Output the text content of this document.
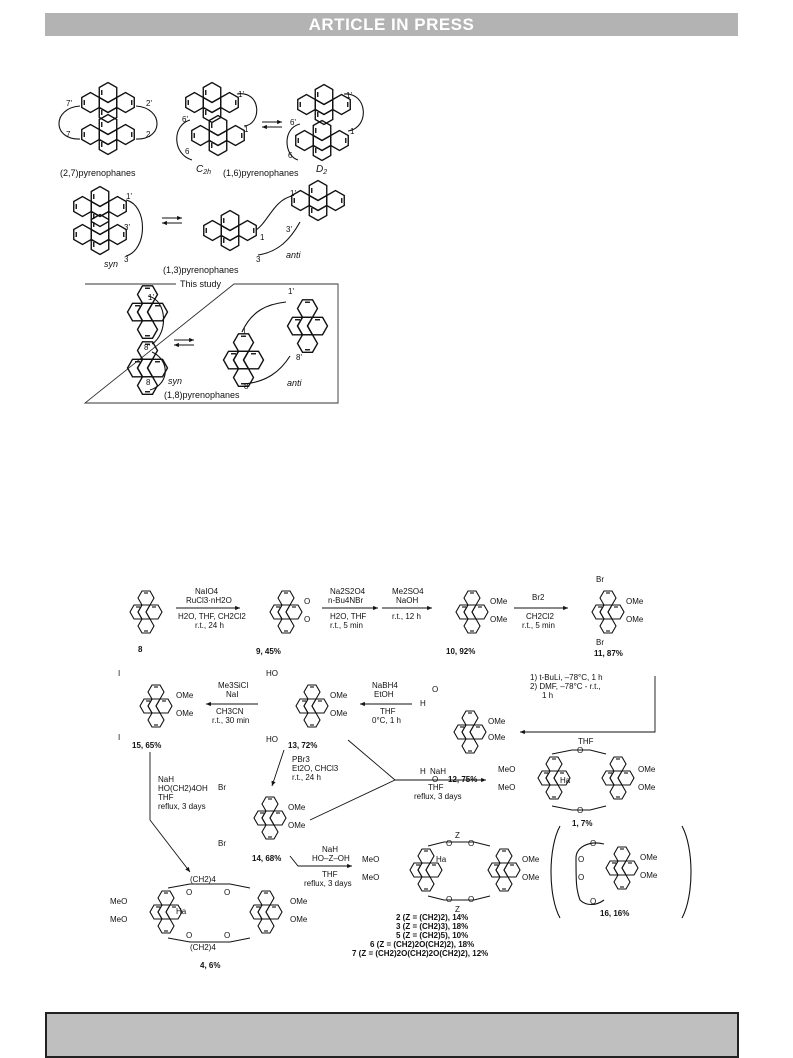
ARTICLE IN PRESS
7'	2'
7	2
(2,7)pyrenophanes
1'
6'
1
6
$C_{2h}$ (1,6)pyrenophanes
1'
6'
1
6
$D_2$
1'
3'
3
syn
1'
3'
1
3	anti
(1,3)pyrenophanes
This study
1'
8'
8 syn
1'
1
8'
8	anti
(1,8)pyrenophanes
8
NaIO4
RuCl3·nH2O
H2O, THF, CH2Cl2
r.t., 24 h
O
O
9, 45%
Na2S2O4
n-Bu4NBr
H2O, THF
r.t., 5 min
Me2SO4
NaOH
r.t., 12 h
OMe
OMe
10, 92%
Br2
CH2Cl2
r.t., 5 min
Br
Br
OMe
OMe
11, 87%
1) t-BuLi, –78°C, 1 h
2) DMF, –78°C - r.t.,
1 h
THF
O
H
H
O
OMe
OMe
12, 75%
NaBH4
EtOH
THF
0°C, 1 h
HO
HO
OMe
OMe
13, 72%
Me3SiCl
NaI
CH3CN
r.t., 30 min
I
I
OMe
OMe
15, 65%
PBr3
Et2O, CHCl3
r.t., 24 h
Br
Br
OMe
OMe
14, 68%
NaH
THF
reflux, 3 days
O
O
Ha
MeO
MeO
OMe
OMe
1, 7%
NaH
HO(CH2)4OH
THF
reflux, 3 days
(CH2)4
O	O
(CH2)4
O	O
Ha
MeO
MeO
OMe
OMe
4, 6%
NaH
HO–Z–OH
THF
reflux, 3 days
O
Z
O
O
Z
O
Ha
MeO
MeO
OMe
OMe
2 (Z = (CH2)2), 14%
3 (Z = (CH2)3), 18%
5 (Z = (CH2)5), 10%
6 (Z = (CH2)2O(CH2)2), 18%
7 (Z = (CH2)2O(CH2)2O(CH2)2), 12%
O
O
O
O
OMe
OMe
16, 16%
